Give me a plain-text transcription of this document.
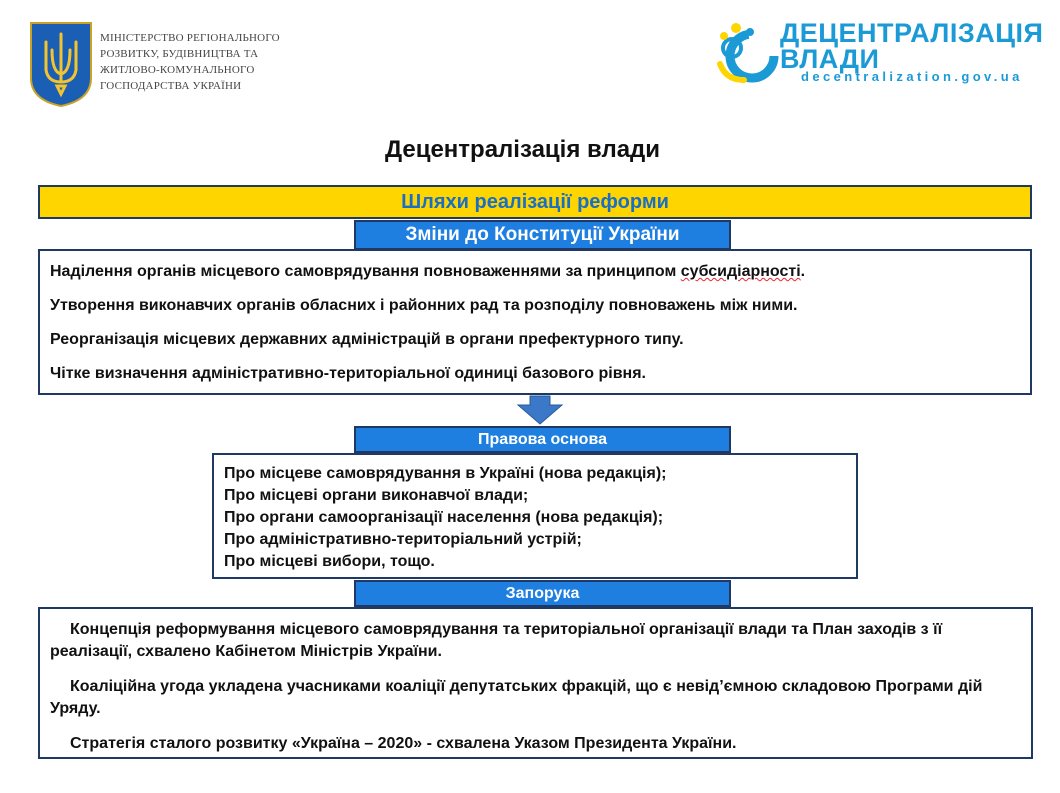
МІНІСТЕРСТВО РЕГІОНАЛЬНОГО
РОЗВИТКУ, БУДІВНИЦТВА ТА
ЖИТЛОВО-КОМУНАЛЬНОГО
ГОСПОДАРСТВА УКРАЇНИ
ДЕЦЕНТРАЛІЗАЦІЯ
ВЛАДИ
decentralization.gov.ua
Децентралізація влади
Шляхи реалізації реформи

Наділення органів місцевого самоврядування повноваженнями за принципом субсидіарності.

Утворення виконавчих органів обласних і районних рад та розподілу повноважень між ними.

Реорганізація місцевих державних адміністрацій в органи префектурного типу.

Чітке визначення адміністративно-територіальної одиниці базового рівня.

Зміни до Конституції України
Правова основа
Про місцеве самоврядування в Україні (нова редакція);
Про місцеві органи виконавчої влади;
Про органи самоорганізації населення (нова редакція);
Про адміністративно-територіальний устрій;
Про місцеві вибори, тощо.

Концепція реформування місцевого самоврядування та територіальної організації влади та План заходів з її реалізації, схвалено Кабінетом Міністрів України.

Коаліційна угода укладена учасниками коаліції депутатських фракцій, що є невід’ємною складовою Програми дій Уряду.

Стратегія сталого розвитку «Україна – 2020» - схвалена Указом Президента України.

Запорука
